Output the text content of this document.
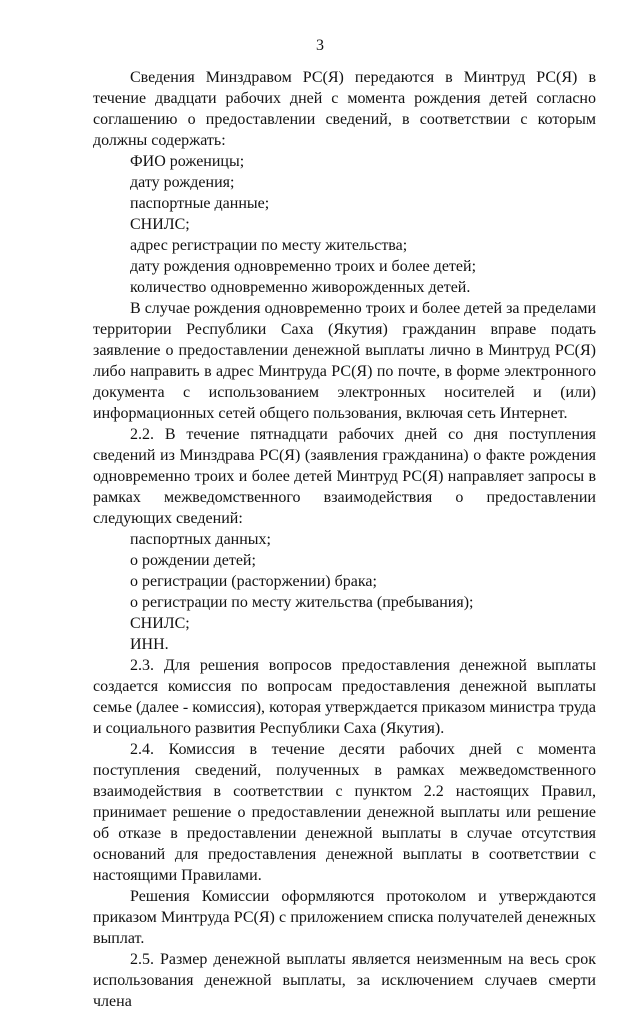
3

Сведения Минздравом РС(Я) передаются в Минтруд РС(Я) в течение двадцати рабочих дней с момента рождения детей согласно соглашению о предоставлении сведений, в соответствии с которым должны содержать:

ФИО роженицы;

дату рождения;

паспортные данные;

СНИЛС;

адрес регистрации по месту жительства;

дату рождения одновременно троих и более детей;

количество одновременно живорожденных детей.

В случае рождения одновременно троих и более детей за пределами территории Республики Саха (Якутия) гражданин вправе подать заявление о предоставлении денежной выплаты лично в Минтруд РС(Я) либо направить в адрес Минтруда РС(Я) по почте, в форме электронного документа с использованием электронных носителей и (или) информационных сетей общего пользования, включая сеть Интернет.

2.2. В течение пятнадцати рабочих дней со дня поступления сведений из Минздрава РС(Я) (заявления гражданина) о факте рождения одновременно троих и более детей Минтруд РС(Я) направляет запросы в рамках межведомственного взаимодействия о предоставлении следующих сведений:

паспортных данных;

о рождении детей;

о регистрации (расторжении) брака;

о регистрации по месту жительства (пребывания);

СНИЛС;

ИНН.

2.3. Для решения вопросов предоставления денежной выплаты создается комиссия по вопросам предоставления денежной выплаты семье (далее - комиссия), которая утверждается приказом министра труда и социального развития Республики Саха (Якутия).

2.4. Комиссия в течение десяти рабочих дней с момента поступления сведений, полученных в рамках межведомственного взаимодействия в соответствии с пунктом 2.2 настоящих Правил, принимает решение о предоставлении денежной выплаты или решение об отказе в предоставлении денежной выплаты в случае отсутствия оснований для предоставления денежной выплаты в соответствии с настоящими Правилами.

Решения Комиссии оформляются протоколом и утверждаются приказом Минтруда РС(Я) с приложением списка получателей денежных выплат.

2.5. Размер денежной выплаты является неизменным на весь срок использования денежной выплаты, за исключением случаев смерти члена
